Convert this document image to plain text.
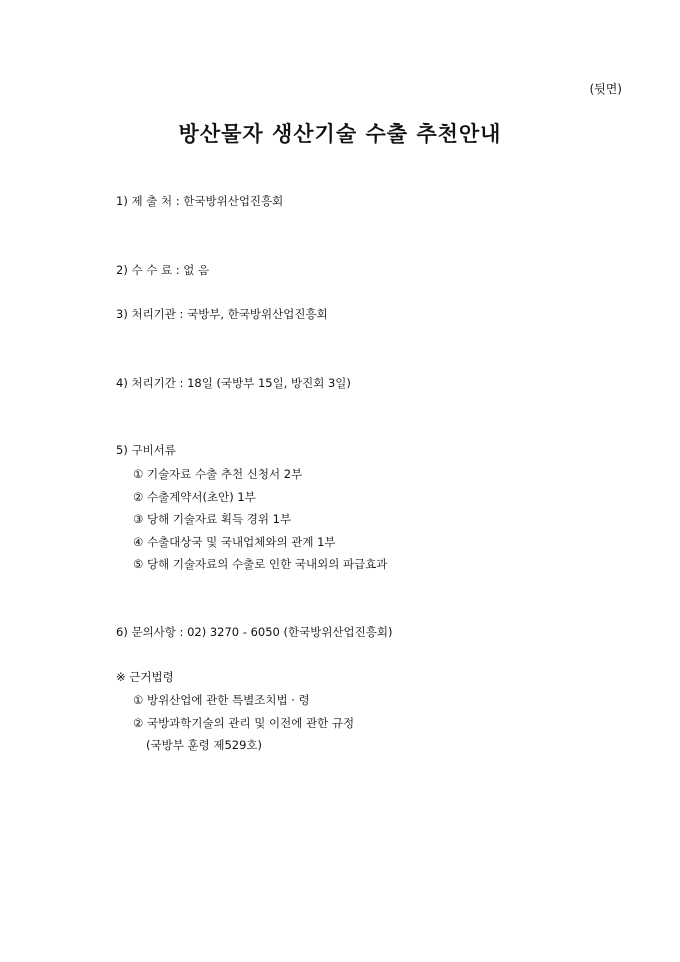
(뒷면)
방산물자 생산기술 수출 추천안내
1) 제 출 처 : 한국방위산업진흥회
2) 수 수 료 : 없 음
3) 처리기관 : 국방부, 한국방위산업진흥회
4) 처리기간 : 18일 (국방부 15일, 방진회 3일)
5) 구비서류
① 기술자료 수출 추천 신청서 2부
② 수출계약서(초안) 1부
③ 당해 기술자료 획득 경위 1부
④ 수출대상국 및 국내업체와의 관계 1부
⑤ 당해 기술자료의 수출로 인한 국내외의 파급효과
6) 문의사항 : 02) 3270 - 6050 (한국방위산업진흥회)
※ 근거법령
① 방위산업에 관한 특별조치법 · 령
② 국방과학기술의 관리 및 이전에 관한 규정
(국방부 훈령 제529호)
